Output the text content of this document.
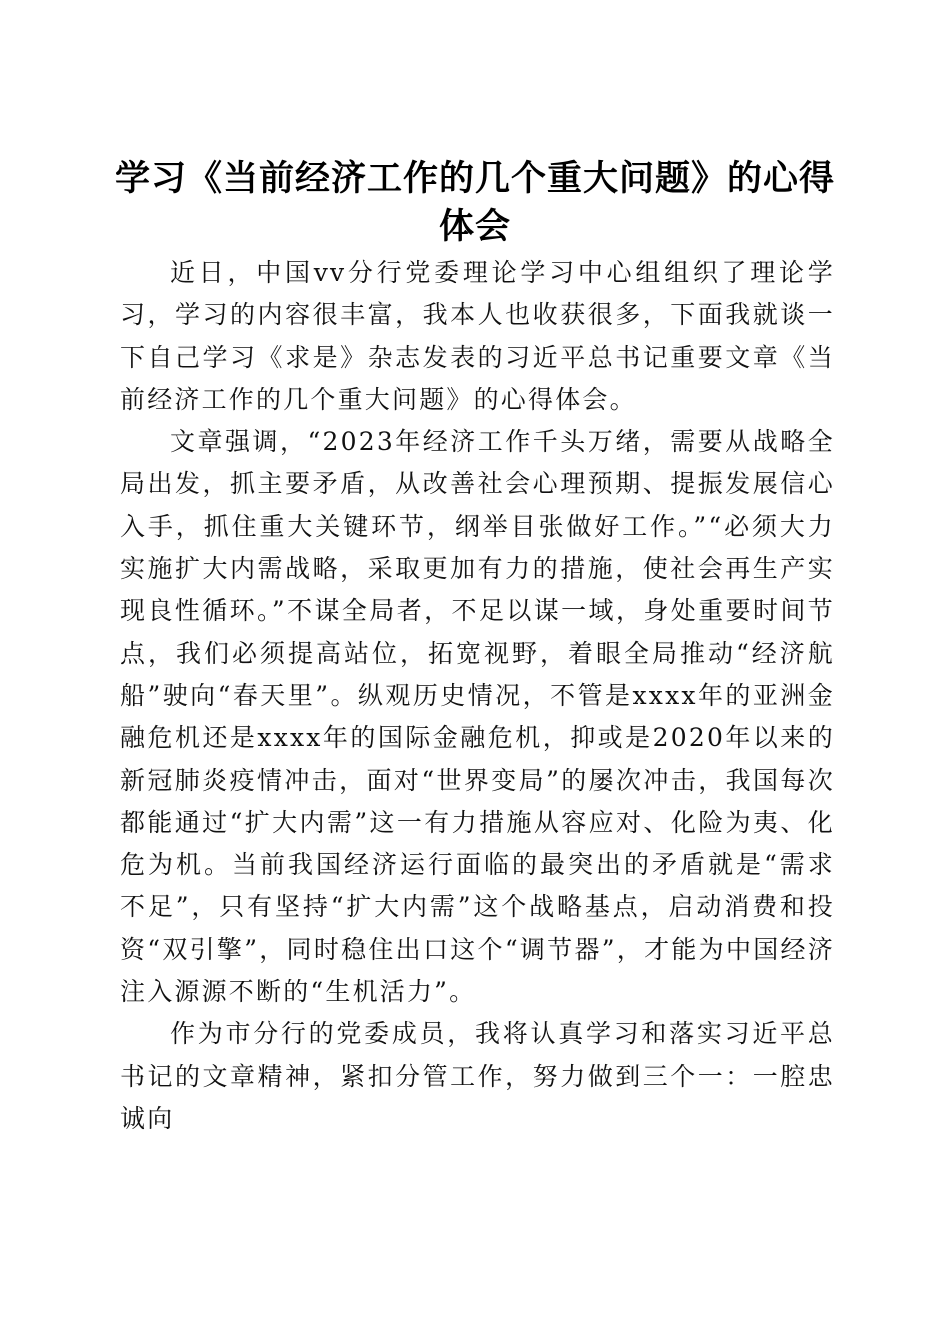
学习《当前经济工作的几个重大问题》的心得
体会

近日，中国vv分行党委理论学习中心组组织了理论学习，学习的内容很丰富，我本人也收获很多，下面我就谈一下自己学习《求是》杂志发表的习近平总书记重要文章《当前经济工作的几个重大问题》的心得体会。

文章强调，“2023年经济工作千头万绪，需要从战略全局出发，抓主要矛盾，从改善社会心理预期、提振发展信心入手，抓住重大关键环节，纲举目张做好工作。”“必须大力实施扩大内需战略，采取更加有力的措施，使社会再生产实现良性循环。”不谋全局者，不足以谋一域，身处重要时间节点，我们必须提高站位，拓宽视野，着眼全局推动“经济航船”驶向“春天里”。纵观历史情况，不管是xxxx年的亚洲金融危机还是xxxx年的国际金融危机，抑或是2020年以来的新冠肺炎疫情冲击，面对“世界变局”的屡次冲击，我国每次都能通过“扩大内需”这一有力措施从容应对、化险为夷、化危为机。当前我国经济运行面临的最突出的矛盾就是“需求不足”，只有坚持“扩大内需”这个战略基点，启动消费和投资“双引擎”，同时稳住出口这个“调节器”，才能为中国经济注入源源不断的“生机活力”。

作为市分行的党委成员，我将认真学习和落实习近平总书记的文章精神，紧扣分管工作，努力做到三个一：一腔忠诚向
